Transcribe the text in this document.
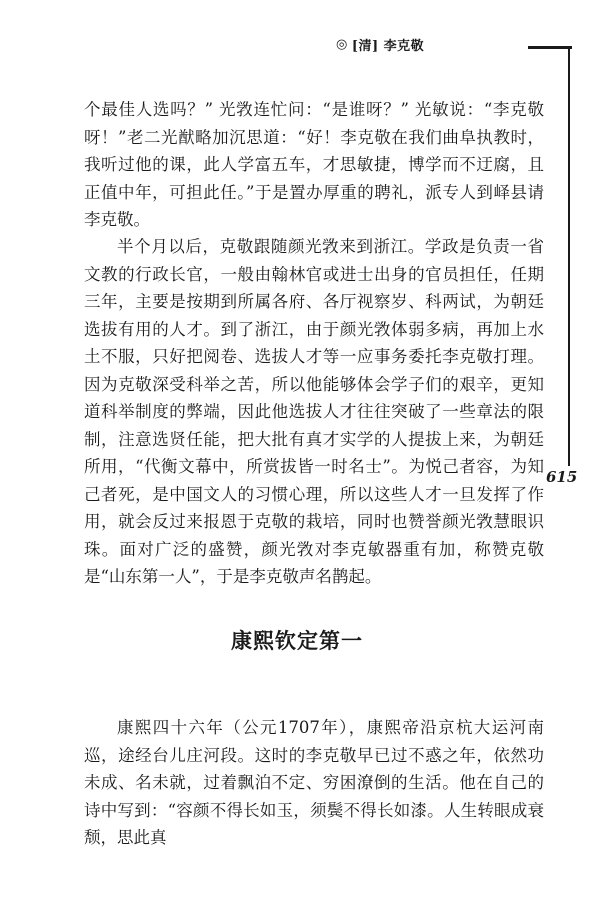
◎ [清] 李克敬

个最佳人选吗？” 光敩连忙问：“是谁呀？” 光敏说：“李克敬呀！”老二光猷略加沉思道：“好！李克敬在我们曲阜执教时，我听过他的课，此人学富五车，才思敏捷，博学而不迂腐，且正值中年，可担此任。”于是置办厚重的聘礼，派专人到峄县请李克敬。

半个月以后，克敬跟随颜光敩来到浙江。学政是负责一省文教的行政长官，一般由翰林官或进士出身的官员担任，任期三年，主要是按期到所属各府、各厅视察岁、科两试，为朝廷选拔有用的人才。到了浙江，由于颜光敩体弱多病，再加上水土不服，只好把阅卷、选拔人才等一应事务委托李克敬打理。因为克敬深受科举之苦，所以他能够体会学子们的艰辛，更知道科举制度的弊端，因此他选拔人才往往突破了一些章法的限制，注意选贤任能，把大批有真才实学的人提拔上来，为朝廷所用，“代衡文幕中，所赏拔皆一时名士”。为悦己者容，为知己者死，是中国文人的习惯心理，所以这些人才一旦发挥了作用，就会反过来报恩于克敬的栽培，同时也赞誉颜光敩慧眼识珠。面对广泛的盛赞，颜光敩对李克敏器重有加，称赞克敬是“山东第一人”，于是李克敬声名鹊起。

615
康熙钦定第一

康熙四十六年（公元1707年），康熙帝沿京杭大运河南巡，途经台儿庄河段。这时的李克敬早已过不惑之年，依然功未成、名未就，过着飘泊不定、穷困潦倒的生活。他在自己的诗中写到：“容颜不得长如玉，须鬓不得长如漆。人生转眼成衰颓，思此真
